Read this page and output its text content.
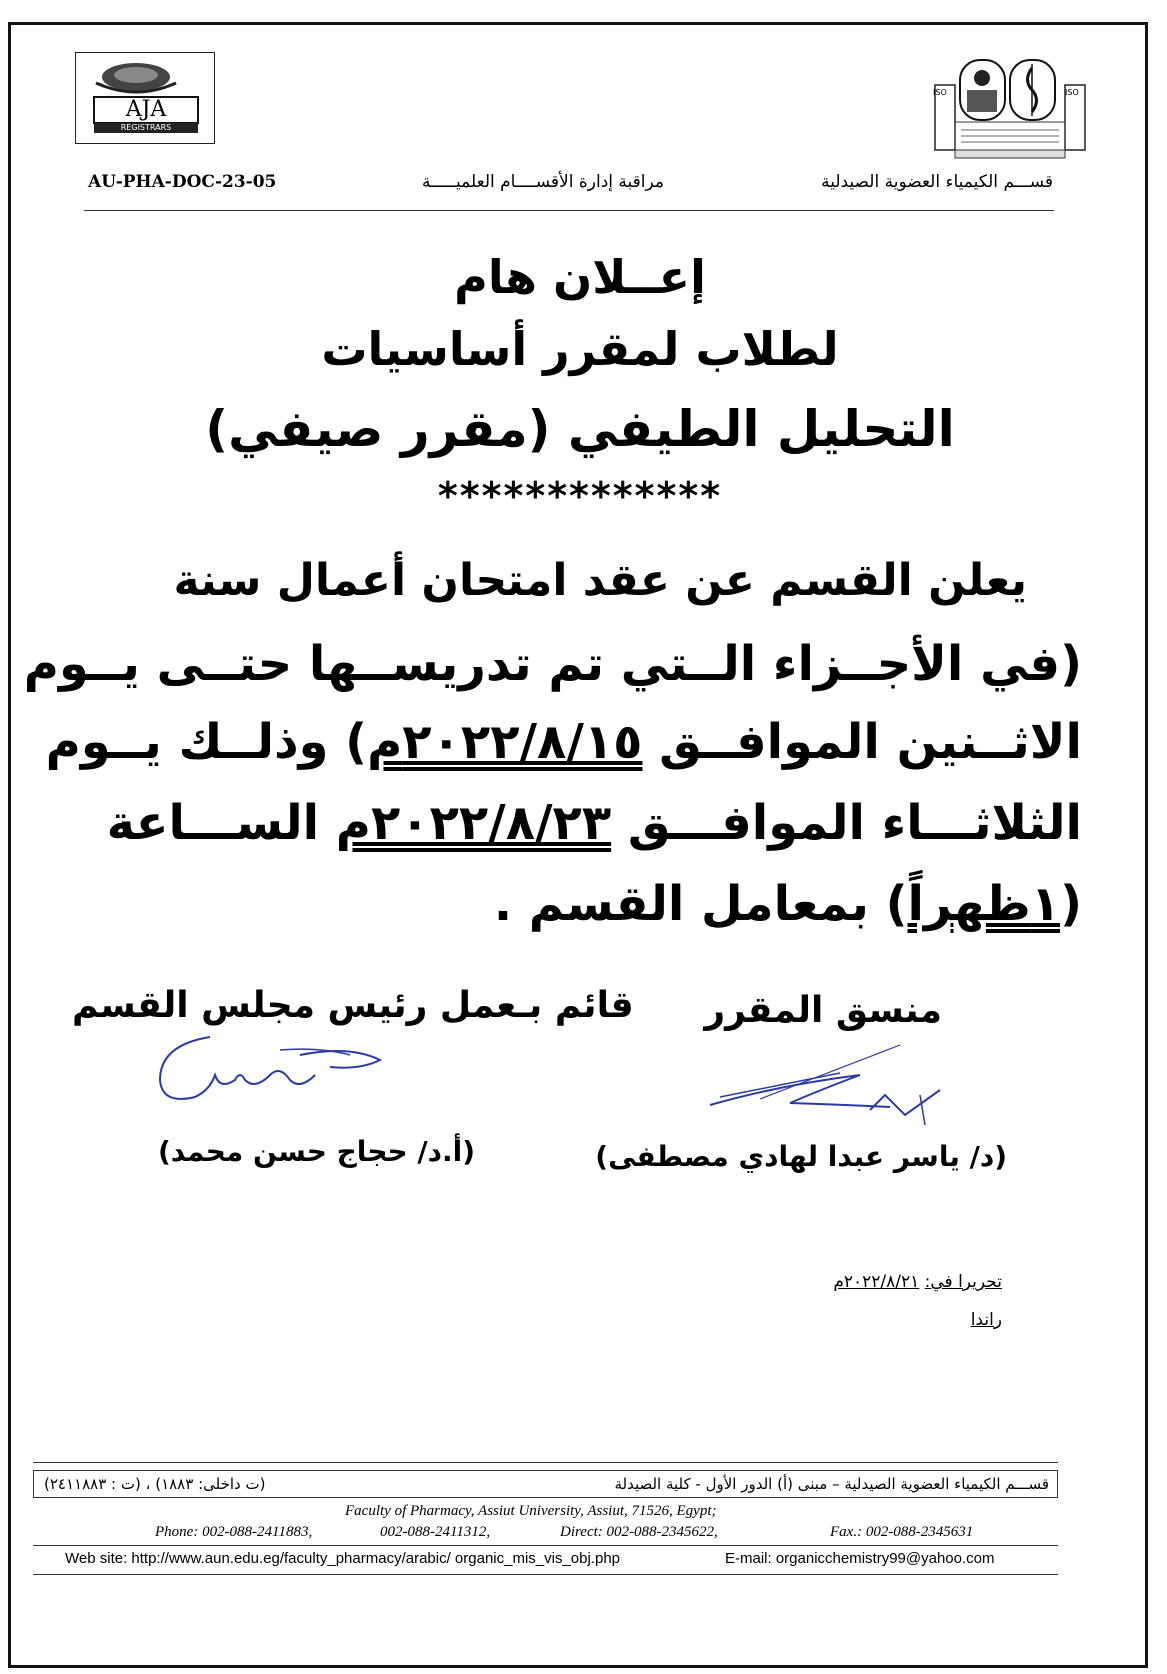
AJA
REGISTRARS
ISO	ISO
AU-PHA-DOC-23-05	مراقبة إدارة الأقســــام العلميـــــة	قســـم الكيمياء العضوية الصيدلية
إعــلان هام
لطلاب لمقرر أساسيات
التحليل الطيفي (مقرر صيفي)
*************
يعلن القسم عن عقد امتحان أعمال سنة
(في الأجــزاء الــتي تم تدريســها حتــى يــوم
الاثــنين الموافــق ٢٠٢٢/٨/١٥م) وذلــك يــوم
الثلاثـــاء الموافـــق ٢٠٢٢/٨/٢٣م الســـاعة
(١ظهراً) بمعامل القسم .
منسق المقرر
قائم بـعمل رئيس مجلس القسم
(د/ ياسر عبدا لهادي مصطفى)
(أ.د/ حجاج حسن محمد)
تحريرا في: ٢٠٢٢/٨/٢١م
راندا
قســـم الكيمياء العضوية الصيدلية – مبنى (أ) الدور الأول - كلية الصيدلة
(ت داخلى: ١٨٨٣) ، (ت : ٢٤١١٨٨٣)
Faculty of Pharmacy, Assiut University, Assiut, 71526, Egypt;
Phone: 002-088-2411883,	002-088-2411312,	Direct: 002-088-2345622,	Fax.: 002-088-2345631
Web site: http://www.aun.edu.eg/faculty_pharmacy/arabic/ organic_mis_vis_obj.php	E-mail: organicchemistry99@yahoo.com
